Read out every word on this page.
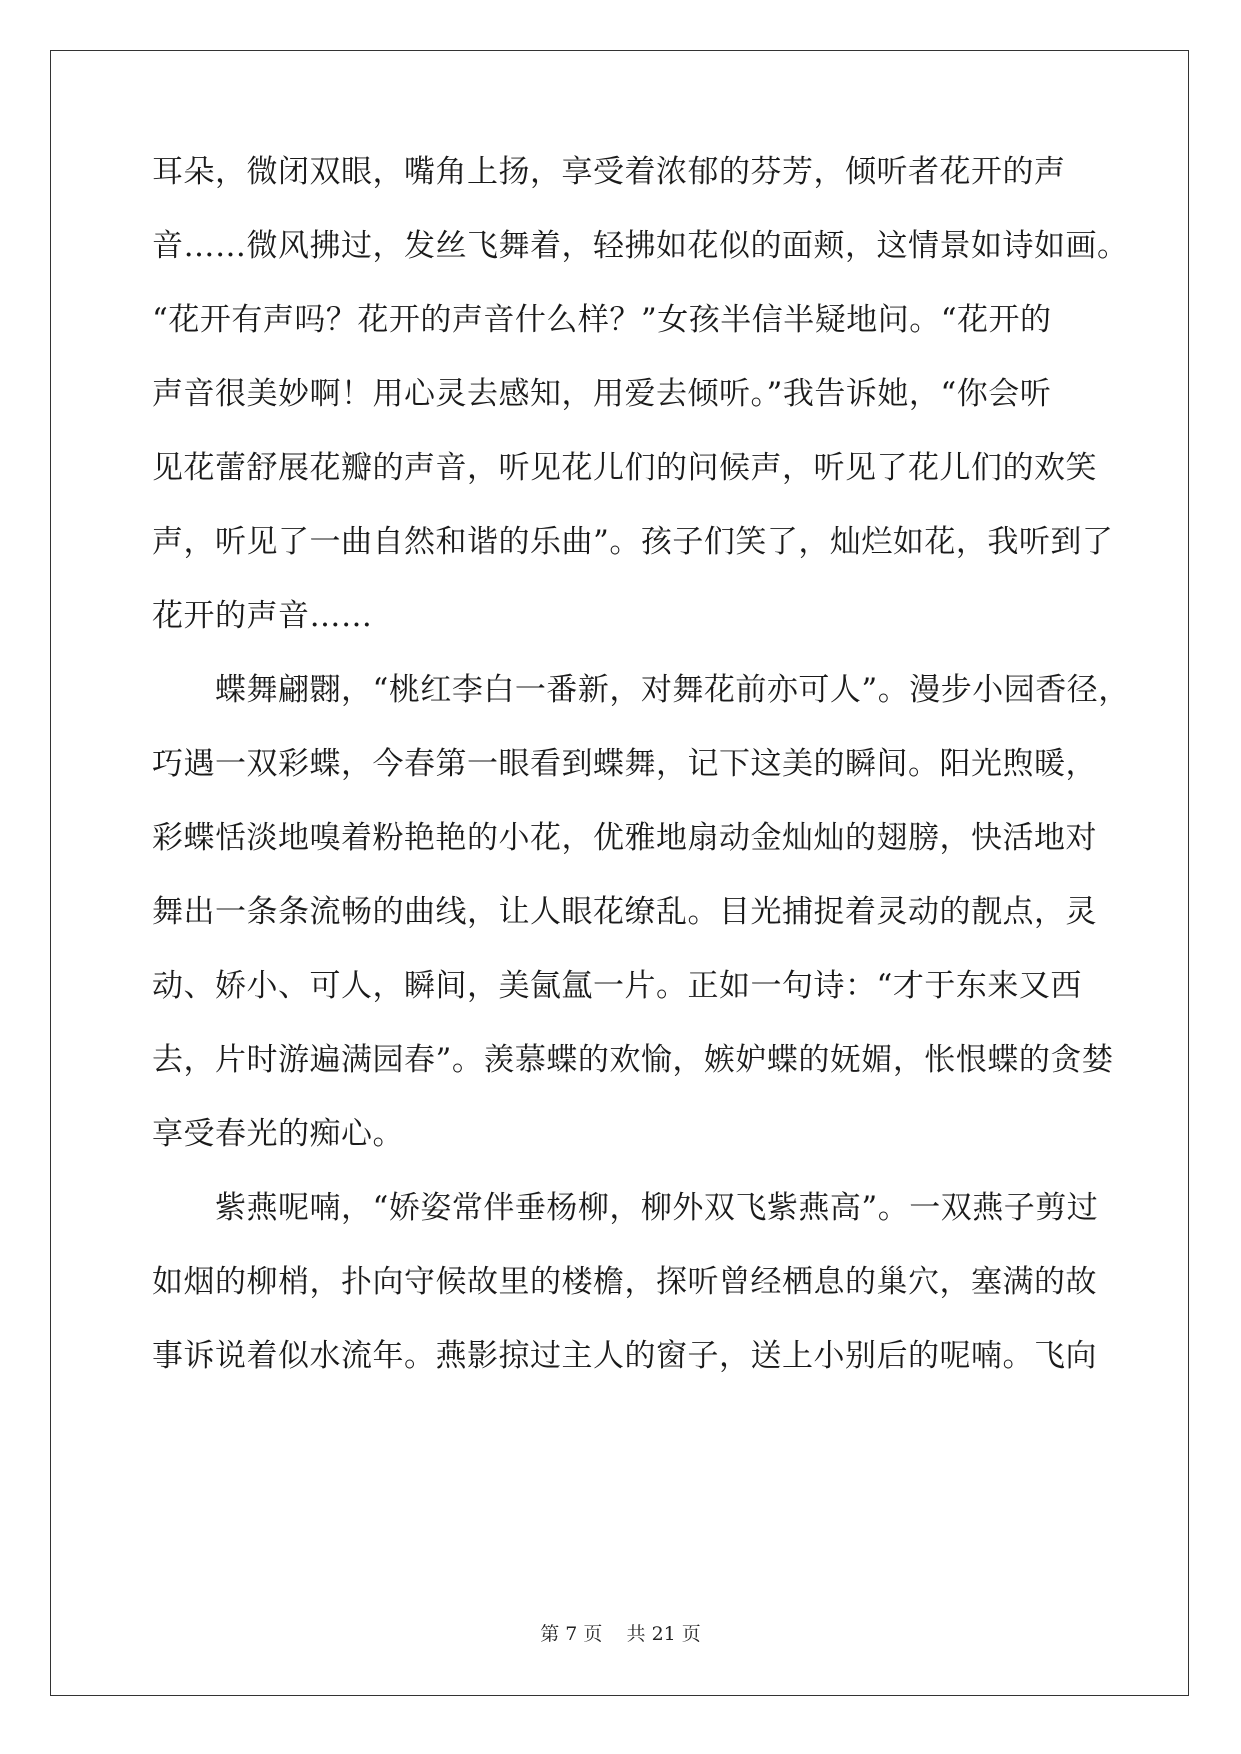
耳朵，微闭双眼，嘴角上扬，享受着浓郁的芬芳，倾听者花开的声
音……微风拂过，发丝飞舞着，轻拂如花似的面颊，这情景如诗如画。
“花开有声吗？花开的声音什么样？”女孩半信半疑地问。“花开的
声音很美妙啊！用心灵去感知，用爱去倾听。”我告诉她，“你会听
见花蕾舒展花瓣的声音，听见花儿们的问候声，听见了花儿们的欢笑
声，听见了一曲自然和谐的乐曲”。孩子们笑了，灿烂如花，我听到了
花开的声音……
　　蝶舞翩翾，“桃红李白一番新，对舞花前亦可人”。漫步小园香径，
巧遇一双彩蝶，今春第一眼看到蝶舞，记下这美的瞬间。阳光煦暖，
彩蝶恬淡地嗅着粉艳艳的小花，优雅地扇动金灿灿的翅膀，快活地对
舞出一条条流畅的曲线，让人眼花缭乱。目光捕捉着灵动的靓点，灵
动、娇小、可人，瞬间，美氤氲一片。正如一句诗：“才于东来又西
去，片时游遍满园春”。羡慕蝶的欢愉，嫉妒蝶的妩媚，怅恨蝶的贪婪
享受春光的痴心。
　　紫燕呢喃，“娇姿常伴垂杨柳，柳外双飞紫燕高”。一双燕子剪过
如烟的柳梢，扑向守候故里的楼檐，探听曾经栖息的巢穴，塞满的故
事诉说着似水流年。燕影掠过主人的窗子，送上小别后的呢喃。飞向
第 7 页 共 21 页
